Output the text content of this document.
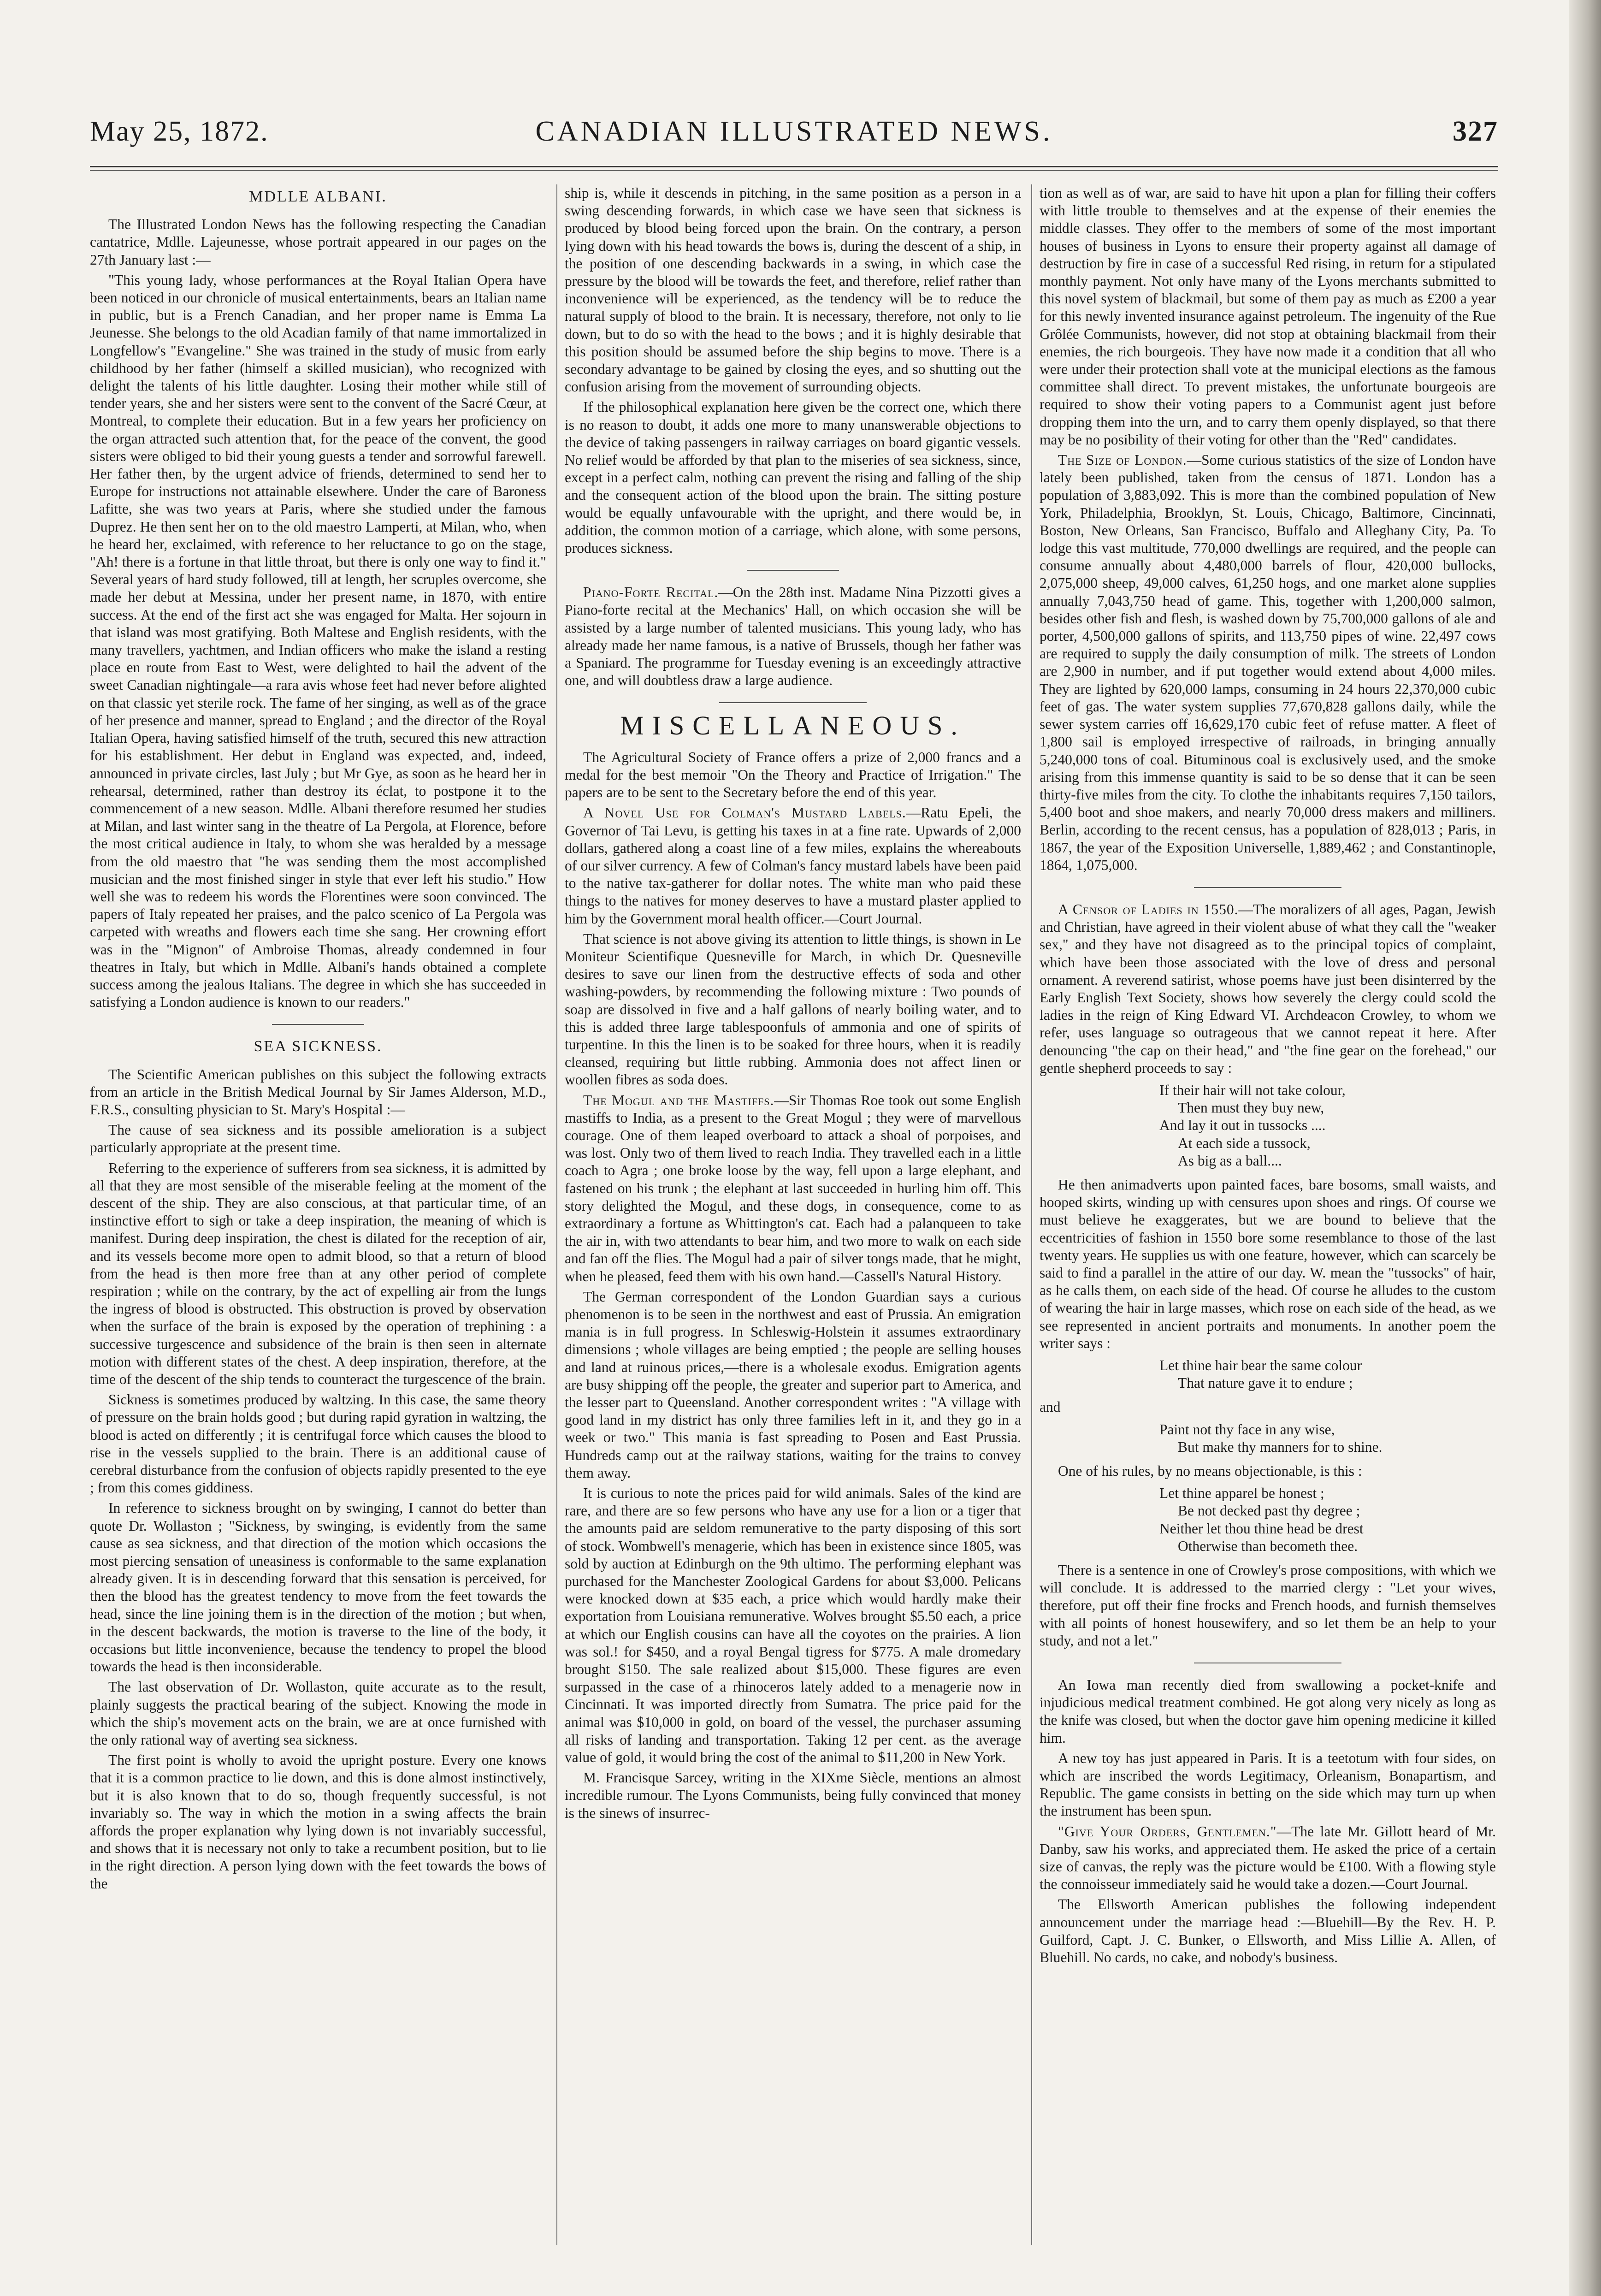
CANADIAN ILLUSTRATED NEWS.
May 25, 1872.	327
MDLLE ALBANI.

The Illustrated London News has the following respecting the Canadian cantatrice, Mdlle. Lajeunesse, whose portrait appeared in our pages on the 27th January last :—

"This young lady, whose performances at the Royal Italian Opera have been noticed in our chronicle of musical entertainments, bears an Italian name in public, but is a French Canadian, and her proper name is Emma La Jeunesse. She belongs to the old Acadian family of that name immortalized in Longfellow's "Evangeline." She was trained in the study of music from early childhood by her father (himself a skilled musician), who recognized with delight the talents of his little daughter. Losing their mother while still of tender years, she and her sisters were sent to the convent of the Sacré Cœur, at Montreal, to complete their education. But in a few years her proficiency on the organ attracted such attention that, for the peace of the convent, the good sisters were obliged to bid their young guests a tender and sorrowful farewell. Her father then, by the urgent advice of friends, determined to send her to Europe for instructions not attainable elsewhere. Under the care of Baroness Lafitte, she was two years at Paris, where she studied under the famous Duprez. He then sent her on to the old maestro Lamperti, at Milan, who, when he heard her, exclaimed, with reference to her reluctance to go on the stage, "Ah! there is a fortune in that little throat, but there is only one way to find it." Several years of hard study followed, till at length, her scruples overcome, she made her debut at Messina, under her present name, in 1870, with entire success. At the end of the first act she was engaged for Malta. Her sojourn in that island was most gratifying. Both Maltese and English residents, with the many travellers, yachtmen, and Indian officers who make the island a resting place en route from East to West, were delighted to hail the advent of the sweet Canadian nightingale—a rara avis whose feet had never before alighted on that classic yet sterile rock. The fame of her singing, as well as of the grace of her presence and manner, spread to England ; and the director of the Royal Italian Opera, having satisfied himself of the truth, secured this new attraction for his establishment. Her debut in England was expected, and, indeed, announced in private circles, last July ; but Mr Gye, as soon as he heard her in rehearsal, determined, rather than destroy its éclat, to postpone it to the commencement of a new season. Mdlle. Albani therefore resumed her studies at Milan, and last winter sang in the theatre of La Pergola, at Florence, before the most critical audience in Italy, to whom she was heralded by a message from the old maestro that "he was sending them the most accomplished musician and the most finished singer in style that ever left his studio." How well she was to redeem his words the Florentines were soon convinced. The papers of Italy repeated her praises, and the palco scenico of La Pergola was carpeted with wreaths and flowers each time she sang. Her crowning effort was in the "Mignon" of Ambroise Thomas, already condemned in four theatres in Italy, but which in Mdlle. Albani's hands obtained a complete success among the jealous Italians. The degree in which she has succeeded in satisfying a London audience is known to our readers."

SEA SICKNESS.

The Scientific American publishes on this subject the following extracts from an article in the British Medical Journal by Sir James Alderson, M.D., F.R.S., consulting physician to St. Mary's Hospital :—

The cause of sea sickness and its possible amelioration is a subject particularly appropriate at the present time.

Referring to the experience of sufferers from sea sickness, it is admitted by all that they are most sensible of the miserable feeling at the moment of the descent of the ship. They are also conscious, at that particular time, of an instinctive effort to sigh or take a deep inspiration, the meaning of which is manifest. During deep inspiration, the chest is dilated for the reception of air, and its vessels become more open to admit blood, so that a return of blood from the head is then more free than at any other period of complete respiration ; while on the contrary, by the act of expelling air from the lungs the ingress of blood is obstructed. This obstruction is proved by observation when the surface of the brain is exposed by the operation of trephining : a successive turgescence and subsidence of the brain is then seen in alternate motion with different states of the chest. A deep inspiration, therefore, at the time of the descent of the ship tends to counteract the turgescence of the brain.

Sickness is sometimes produced by waltzing. In this case, the same theory of pressure on the brain holds good ; but during rapid gyration in waltzing, the blood is acted on differently ; it is centrifugal force which causes the blood to rise in the vessels supplied to the brain. There is an additional cause of cerebral disturbance from the confusion of objects rapidly presented to the eye ; from this comes giddiness.

In reference to sickness brought on by swinging, I cannot do better than quote Dr. Wollaston ; "Sickness, by swinging, is evidently from the same cause as sea sickness, and that direction of the motion which occasions the most piercing sensation of uneasiness is conformable to the same explanation already given. It is in descending forward that this sensation is perceived, for then the blood has the greatest tendency to move from the feet towards the head, since the line joining them is in the direction of the motion ; but when, in the descent backwards, the motion is traverse to the line of the body, it occasions but little inconvenience, because the tendency to propel the blood towards the head is then inconsiderable.

The last observation of Dr. Wollaston, quite accurate as to the result, plainly suggests the practical bearing of the subject. Knowing the mode in which the ship's movement acts on the brain, we are at once furnished with the only rational way of averting sea sickness.

The first point is wholly to avoid the upright posture. Every one knows that it is a common practice to lie down, and this is done almost instinctively, but it is also known that to do so, though frequently successful, is not invariably so. The way in which the motion in a swing affects the brain affords the proper explanation why lying down is not invariably successful, and shows that it is necessary not only to take a recumbent position, but to lie in the right direction. A person lying down with the feet towards the bows of the

ship is, while it descends in pitching, in the same position as a person in a swing descending forwards, in which case we have seen that sickness is produced by blood being forced upon the brain. On the contrary, a person lying down with his head towards the bows is, during the descent of a ship, in the position of one descending backwards in a swing, in which case the pressure by the blood will be towards the feet, and therefore, relief rather than inconvenience will be experienced, as the tendency will be to reduce the natural supply of blood to the brain. It is necessary, therefore, not only to lie down, but to do so with the head to the bows ; and it is highly desirable that this position should be assumed before the ship begins to move. There is a secondary advantage to be gained by closing the eyes, and so shutting out the confusion arising from the movement of surrounding objects.

If the philosophical explanation here given be the correct one, which there is no reason to doubt, it adds one more to many unanswerable objections to the device of taking passengers in railway carriages on board gigantic vessels. No relief would be afforded by that plan to the miseries of sea sickness, since, except in a perfect calm, nothing can prevent the rising and falling of the ship and the consequent action of the blood upon the brain. The sitting posture would be equally unfavourable with the upright, and there would be, in addition, the common motion of a carriage, which alone, with some persons, produces sickness.

Piano-Forte Recital.—On the 28th inst. Madame Nina Pizzotti gives a Piano-forte recital at the Mechanics' Hall, on which occasion she will be assisted by a large number of talented musicians. This young lady, who has already made her name famous, is a native of Brussels, though her father was a Spaniard. The programme for Tuesday evening is an exceedingly attractive one, and will doubtless draw a large audience.

MISCELLANEOUS.

The Agricultural Society of France offers a prize of 2,000 francs and a medal for the best memoir "On the Theory and Practice of Irrigation." The papers are to be sent to the Secretary before the end of this year.

A Novel Use for Colman's Mustard Labels.—Ratu Epeli, the Governor of Tai Levu, is getting his taxes in at a fine rate. Upwards of 2,000 dollars, gathered along a coast line of a few miles, explains the whereabouts of our silver currency. A few of Colman's fancy mustard labels have been paid to the native tax-gatherer for dollar notes. The white man who paid these things to the natives for money deserves to have a mustard plaster applied to him by the Government moral health officer.—Court Journal.

That science is not above giving its attention to little things, is shown in Le Moniteur Scientifique Quesneville for March, in which Dr. Quesneville desires to save our linen from the destructive effects of soda and other washing-powders, by recommending the following mixture : Two pounds of soap are dissolved in five and a half gallons of nearly boiling water, and to this is added three large tablespoonfuls of ammonia and one of spirits of turpentine. In this the linen is to be soaked for three hours, when it is readily cleansed, requiring but little rubbing. Ammonia does not affect linen or woollen fibres as soda does.

The Mogul and the Mastiffs.—Sir Thomas Roe took out some English mastiffs to India, as a present to the Great Mogul ; they were of marvellous courage. One of them leaped overboard to attack a shoal of porpoises, and was lost. Only two of them lived to reach India. They travelled each in a little coach to Agra ; one broke loose by the way, fell upon a large elephant, and fastened on his trunk ; the elephant at last succeeded in hurling him off. This story delighted the Mogul, and these dogs, in consequence, come to as extraordinary a fortune as Whittington's cat. Each had a palanqueen to take the air in, with two attendants to bear him, and two more to walk on each side and fan off the flies. The Mogul had a pair of silver tongs made, that he might, when he pleased, feed them with his own hand.—Cassell's Natural History.

The German correspondent of the London Guardian says a curious phenomenon is to be seen in the northwest and east of Prussia. An emigration mania is in full progress. In Schleswig-Holstein it assumes extraordinary dimensions ; whole villages are being emptied ; the people are selling houses and land at ruinous prices,—there is a wholesale exodus. Emigration agents are busy shipping off the people, the greater and superior part to America, and the lesser part to Queensland. Another correspondent writes : "A village with good land in my district has only three families left in it, and they go in a week or two." This mania is fast spreading to Posen and East Prussia. Hundreds camp out at the railway stations, waiting for the trains to convey them away.

It is curious to note the prices paid for wild animals. Sales of the kind are rare, and there are so few persons who have any use for a lion or a tiger that the amounts paid are seldom remunerative to the party disposing of this sort of stock. Wombwell's menagerie, which has been in existence since 1805, was sold by auction at Edinburgh on the 9th ultimo. The performing elephant was purchased for the Manchester Zoological Gardens for about $3,000. Pelicans were knocked down at $35 each, a price which would hardly make their exportation from Louisiana remunerative. Wolves brought $5.50 each, a price at which our English cousins can have all the coyotes on the prairies. A lion was sol.! for $450, and a royal Bengal tigress for $775. A male dromedary brought $150. The sale realized about $15,000. These figures are even surpassed in the case of a rhinoceros lately added to a menagerie now in Cincinnati. It was imported directly from Sumatra. The price paid for the animal was $10,000 in gold, on board of the vessel, the purchaser assuming all risks of landing and transportation. Taking 12 per cent. as the average value of gold, it would bring the cost of the animal to $11,200 in New York.

M. Francisque Sarcey, writing in the XIXme Siècle, mentions an almost incredible rumour. The Lyons Communists, being fully convinced that money is the sinews of insurrec-

tion as well as of war, are said to have hit upon a plan for filling their coffers with little trouble to themselves and at the expense of their enemies the middle classes. They offer to the members of some of the most important houses of business in Lyons to ensure their property against all damage of destruction by fire in case of a successful Red rising, in return for a stipulated monthly payment. Not only have many of the Lyons merchants submitted to this novel system of blackmail, but some of them pay as much as £200 a year for this newly invented insurance against petroleum. The ingenuity of the Rue Grôlée Communists, however, did not stop at obtaining blackmail from their enemies, the rich bourgeois. They have now made it a condition that all who were under their protection shall vote at the municipal elections as the famous committee shall direct. To prevent mistakes, the unfortunate bourgeois are required to show their voting papers to a Communist agent just before dropping them into the urn, and to carry them openly displayed, so that there may be no posibility of their voting for other than the "Red" candidates.

The Size of London.—Some curious statistics of the size of London have lately been published, taken from the census of 1871. London has a population of 3,883,092. This is more than the combined population of New York, Philadelphia, Brooklyn, St. Louis, Chicago, Baltimore, Cincinnati, Boston, New Orleans, San Francisco, Buffalo and Alleghany City, Pa. To lodge this vast multitude, 770,000 dwellings are required, and the people can consume annually about 4,480,000 barrels of flour, 420,000 bullocks, 2,075,000 sheep, 49,000 calves, 61,250 hogs, and one market alone supplies annually 7,043,750 head of game. This, together with 1,200,000 salmon, besides other fish and flesh, is washed down by 75,700,000 gallons of ale and porter, 4,500,000 gallons of spirits, and 113,750 pipes of wine. 22,497 cows are required to supply the daily consumption of milk. The streets of London are 2,900 in number, and if put together would extend about 4,000 miles. They are lighted by 620,000 lamps, consuming in 24 hours 22,370,000 cubic feet of gas. The water system supplies 77,670,828 gallons daily, while the sewer system carries off 16,629,170 cubic feet of refuse matter. A fleet of 1,800 sail is employed irrespective of railroads, in bringing annually 5,240,000 tons of coal. Bituminous coal is exclusively used, and the smoke arising from this immense quantity is said to be so dense that it can be seen thirty-five miles from the city. To clothe the inhabitants requires 7,150 tailors, 5,400 boot and shoe makers, and nearly 70,000 dress makers and milliners. Berlin, according to the recent census, has a population of 828,013 ; Paris, in 1867, the year of the Exposition Universelle, 1,889,462 ; and Constantinople, 1864, 1,075,000.

A Censor of Ladies in 1550.—The moralizers of all ages, Pagan, Jewish and Christian, have agreed in their violent abuse of what they call the "weaker sex," and they have not disagreed as to the principal topics of complaint, which have been those associated with the love of dress and personal ornament. A reverend satirist, whose poems have just been disinterred by the Early English Text Society, shows how severely the clergy could scold the ladies in the reign of King Edward VI. Archdeacon Crowley, to whom we refer, uses language so outrageous that we cannot repeat it here. After denouncing "the cap on their head," and "the fine gear on the forehead," our gentle shepherd proceeds to say :

If their hair will not take colour,
Then must they buy new,
And lay it out in tussocks ....
At each side a tussock,
As big as a ball....

He then animadverts upon painted faces, bare bosoms, small waists, and hooped skirts, winding up with censures upon shoes and rings. Of course we must believe he exaggerates, but we are bound to believe that the eccentricities of fashion in 1550 bore some resemblance to those of the last twenty years. He supplies us with one feature, however, which can scarcely be said to find a parallel in the attire of our day. W. mean the "tussocks" of hair, as he calls them, on each side of the head. Of course he alludes to the custom of wearing the hair in large masses, which rose on each side of the head, as we see represented in ancient portraits and monuments. In another poem the writer says :

Let thine hair bear the same colour
That nature gave it to endure ;

and

Paint not thy face in any wise,
But make thy manners for to shine.

One of his rules, by no means objectionable, is this :

Let thine apparel be honest ;
Be not decked past thy degree ;
Neither let thou thine head be drest
Otherwise than becometh thee.

There is a sentence in one of Crowley's prose compositions, with which we will conclude. It is addressed to the married clergy : "Let your wives, therefore, put off their fine frocks and French hoods, and furnish themselves with all points of honest housewifery, and so let them be an help to your study, and not a let."

An Iowa man recently died from swallowing a pocket-knife and injudicious medical treatment combined. He got along very nicely as long as the knife was closed, but when the doctor gave him opening medicine it killed him.

A new toy has just appeared in Paris. It is a teetotum with four sides, on which are inscribed the words Legitimacy, Orleanism, Bonapartism, and Republic. The game consists in betting on the side which may turn up when the instrument has been spun.

"Give Your Orders, Gentlemen."—The late Mr. Gillott heard of Mr. Danby, saw his works, and appreciated them. He asked the price of a certain size of canvas, the reply was the picture would be £100. With a flowing style the connoisseur immediately said he would take a dozen.—Court Journal.

The Ellsworth American publishes the following independent announcement under the marriage head :—Bluehill—By the Rev. H. P. Guilford, Capt. J. C. Bunker, o Ellsworth, and Miss Lillie A. Allen, of Bluehill. No cards, no cake, and nobody's business.
